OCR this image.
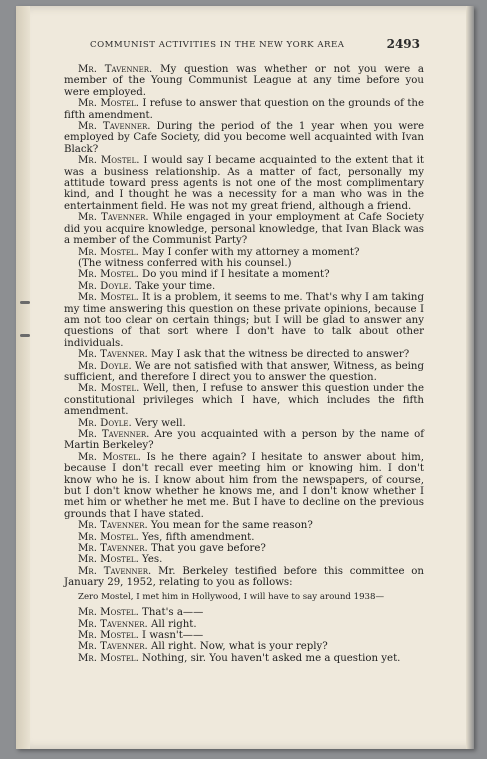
COMMUNIST ACTIVITIES IN THE NEW YORK AREA	2493

Mr. Tavenner. My question was whether or not you were a member of the Young Communist League at any time before you were employed.

Mr. Mostel. I refuse to answer that question on the grounds of the fifth amendment.

Mr. Tavenner. During the period of the 1 year when you were employed by Cafe Society, did you become well acquainted with Ivan Black?

Mr. Mostel. I would say I became acquainted to the extent that it was a business relationship. As a matter of fact, personally my attitude toward press agents is not one of the most complimentary kind, and I thought he was a necessity for a man who was in the entertainment field. He was not my great friend, although a friend.

Mr. Tavenner. While engaged in your employment at Cafe Society did you acquire knowledge, personal knowledge, that Ivan Black was a member of the Communist Party?

Mr. Mostel. May I confer with my attorney a moment?

(The witness conferred with his counsel.)

Mr. Mostel. Do you mind if I hesitate a moment?

Mr. Doyle. Take your time.

Mr. Mostel. It is a problem, it seems to me. That's why I am taking my time answering this question on these private opinions, because I am not too clear on certain things; but I will be glad to answer any questions of that sort where I don't have to talk about other individuals.

Mr. Tavenner. May I ask that the witness be directed to answer?

Mr. Doyle. We are not satisfied with that answer, Witness, as being sufficient, and therefore I direct you to answer the question.

Mr. Mostel. Well, then, I refuse to answer this question under the constitutional privileges which I have, which includes the fifth amendment.

Mr. Doyle. Very well.

Mr. Tavenner. Are you acquainted with a person by the name of Martin Berkeley?

Mr. Mostel. Is he there again? I hesitate to answer about him, because I don't recall ever meeting him or knowing him. I don't know who he is. I know about him from the newspapers, of course, but I don't know whether he knows me, and I don't know whether I met him or whether he met me. But I have to decline on the previous grounds that I have stated.

Mr. Tavenner. You mean for the same reason?

Mr. Mostel. Yes, fifth amendment.

Mr. Tavenner. That you gave before?

Mr. Mostel. Yes.

Mr. Tavenner. Mr. Berkeley testified before this committee on January 29, 1952, relating to you as follows:

Zero Mostel, I met him in Hollywood, I will have to say around 1938—

Mr. Mostel. That's a——

Mr. Tavenner. All right.

Mr. Mostel. I wasn't——

Mr. Tavenner. All right. Now, what is your reply?

Mr. Mostel. Nothing, sir. You haven't asked me a question yet.
